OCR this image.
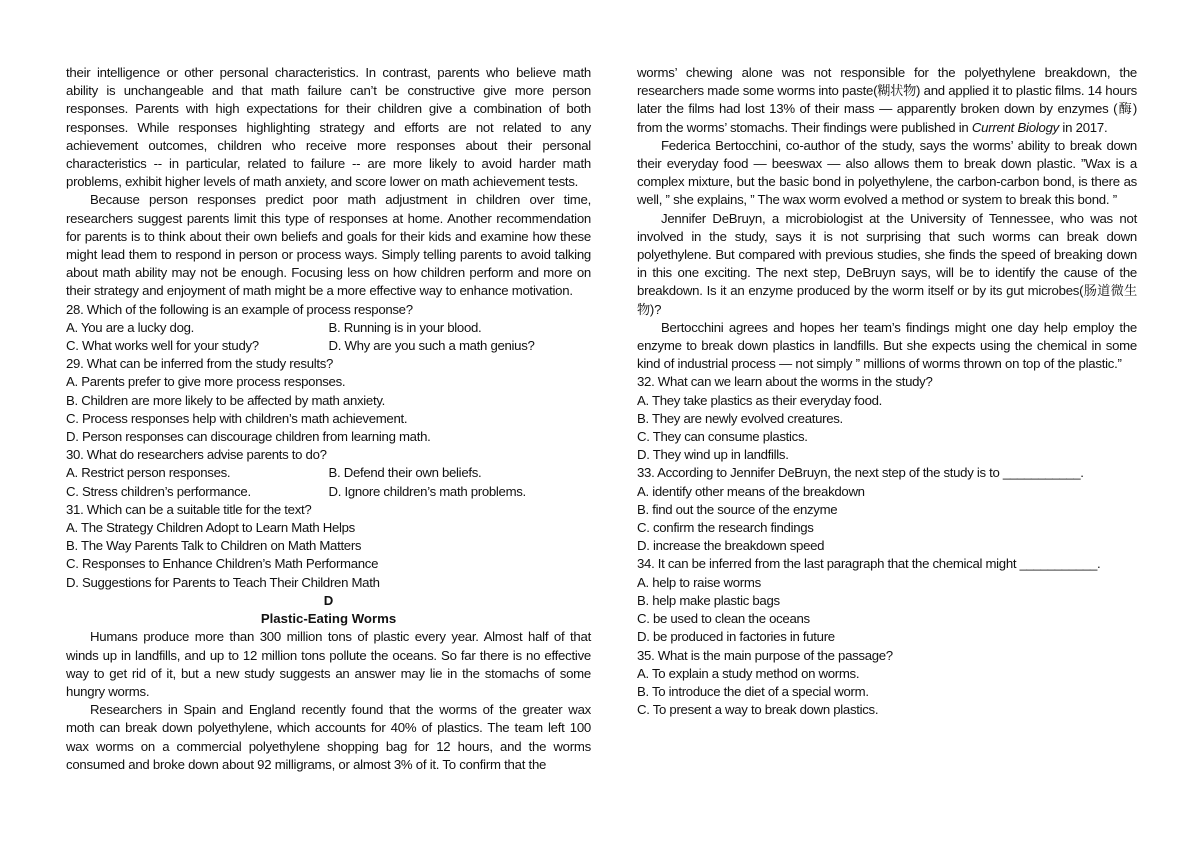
their intelligence or other personal characteristics. In contrast, parents who believe math ability is unchangeable and that math failure can’t be constructive give more person responses. Parents with high expectations for their children give a combination of both responses. While responses highlighting strategy and efforts are not related to any achievement outcomes, children who receive more responses about their personal characteristics -- in particular, related to failure -- are more likely to avoid harder math problems, exhibit higher levels of math anxiety, and score lower on math achievement tests.

Because person responses predict poor math adjustment in children over time, researchers suggest parents limit this type of responses at home. Another recommendation for parents is to think about their own beliefs and goals for their kids and examine how these might lead them to respond in person or process ways. Simply telling parents to avoid talking about math ability may not be enough. Focusing less on how children perform and more on their strategy and enjoyment of math might be a more effective way to enhance motivation.

28. Which of the following is an example of process response?
A. You are a lucky dog.	B. Running is in your blood.
C. What works well for your study?	D. Why are you such a math genius?
29. What can be inferred from the study results?
A. Parents prefer to give more process responses.
B. Children are more likely to be affected by math anxiety.
C. Process responses help with children’s math achievement.
D. Person responses can discourage children from learning math.
30. What do researchers advise parents to do?
A. Restrict person responses.	B. Defend their own beliefs.
C. Stress children’s performance.	D. Ignore children’s math problems.
31. Which can be a suitable title for the text?
A. The Strategy Children Adopt to Learn Math Helps
B. The Way Parents Talk to Children on Math Matters
C. Responses to Enhance Children’s Math Performance
D. Suggestions for Parents to Teach Their Children Math
D
Plastic-Eating Worms

Humans produce more than 300 million tons of plastic every year. Almost half of that winds up in landfills, and up to 12 million tons pollute the oceans. So far there is no effective way to get rid of it, but a new study suggests an answer may lie in the stomachs of some hungry worms.

Researchers in Spain and England recently found that the worms of the greater wax moth can break down polyethylene, which accounts for 40% of plastics. The team left 100 wax worms on a commercial polyethylene shopping bag for 12 hours, and the worms consumed and broke down about 92 milligrams, or almost 3% of it. To confirm that the

worms’ chewing alone was not responsible for the polyethylene breakdown, the researchers made some worms into paste(糊状物) and applied it to plastic films. 14 hours later the films had lost 13% of their mass — apparently broken down by enzymes (酶) from the worms’ stomachs. Their findings were published in Current Biology in 2017.

Federica Bertocchini, co-author of the study, says the worms’ ability to break down their everyday food — beeswax — also allows them to break down plastic. ”Wax is a complex mixture, but the basic bond in polyethylene, the carbon-carbon bond, is there as well, ” she explains, ” The wax worm evolved a method or system to break this bond. ”

Jennifer DeBruyn, a microbiologist at the University of Tennessee, who was not involved in the study, says it is not surprising that such worms can break down polyethylene. But compared with previous studies, she finds the speed of breaking down in this one exciting. The next step, DeBruyn says, will be to identify the cause of the breakdown. Is it an enzyme produced by the worm itself or by its gut microbes(肠道微生物)?

Bertocchini agrees and hopes her team’s findings might one day help employ the enzyme to break down plastics in landfills. But she expects using the chemical in some kind of industrial process — not simply ” millions of worms thrown on top of the plastic.”

32. What can we learn about the worms in the study?
A. They take plastics as their everyday food.
B. They are newly evolved creatures.
C. They can consume plastics.
D. They wind up in landfills.
33. According to Jennifer DeBruyn, the next step of the study is to ___________.
A. identify other means of the breakdown
B. find out the source of the enzyme
C. confirm the research findings
D. increase the breakdown speed
34. It can be inferred from the last paragraph that the chemical might ___________.
A. help to raise worms
B. help make plastic bags
C. be used to clean the oceans
D. be produced in factories in future
35. What is the main purpose of the passage?
A. To explain a study method on worms.
B. To introduce the diet of a special worm.
C. To present a way to break down plastics.
